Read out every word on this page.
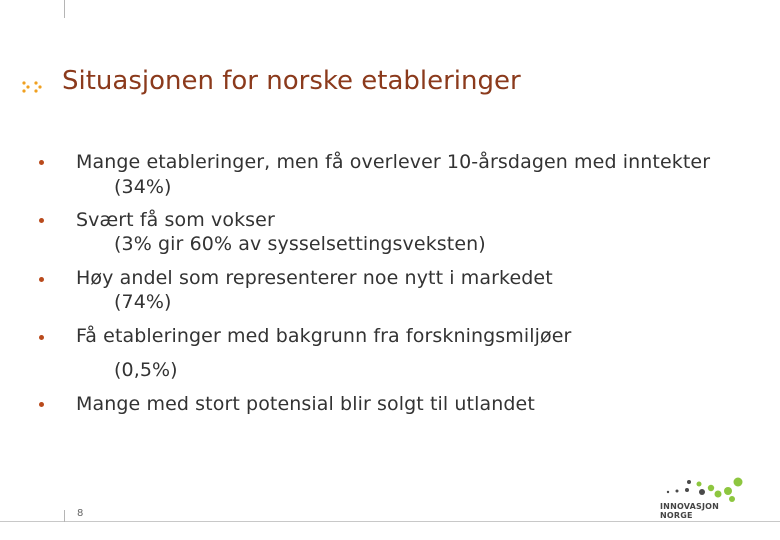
Situasjonen for norske etableringer
Mange etableringer, men få overlever 10-årsdagen med inntekter
(34%)
Svært få som vokser
(3% gir 60% av sysselsettingsveksten)
Høy andel som representerer noe nytt i markedet
(74%)
Få etableringer med bakgrunn fra forskningsmiljøer
(0,5%)
Mange med stort potensial blir solgt til utlandet
8
INNOVASJON
NORGE
